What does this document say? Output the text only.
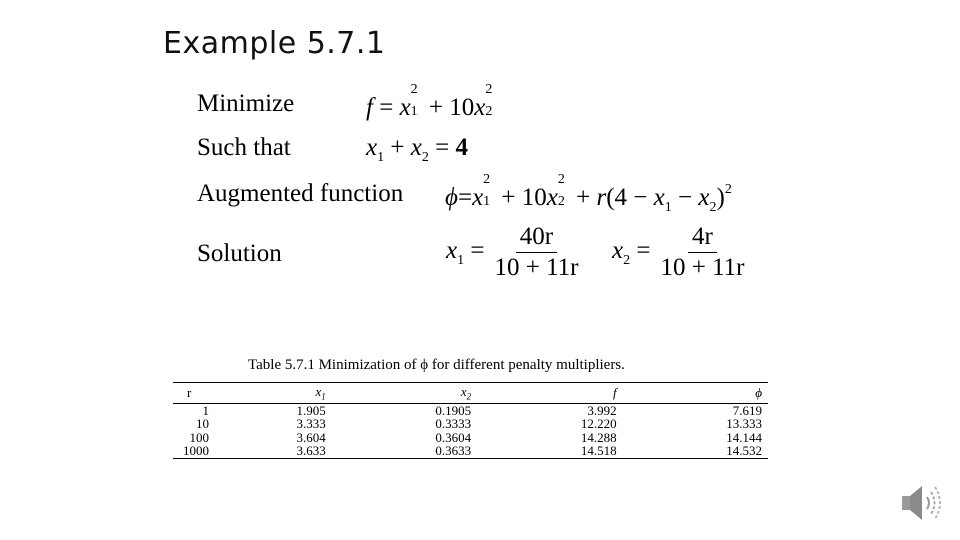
Example 5.7.1
Minimize	f = x
2
1 + 10x
2
2
Such that	$x_1 + x_2 = 4$
Augmented function ϕ=x
2
1 + 10x
2
$2 + r(4 - x_1 - x_2)^2$
Solution	$x_1 = \frac{40r}{10 + 11r} x_2 = \frac{4r}{10 + 11r}$
Table 5.7.1 Minimization of ϕ for different penalty multipliers.
r	$x_1$	$x_2$	f	ϕ
1	1.905	0.1905	3.992	7.619
10	3.333	0.3333	12.220	13.333
100	3.604	0.3604	14.288	14.144
1000	3.633	0.3633	14.518	14.532
